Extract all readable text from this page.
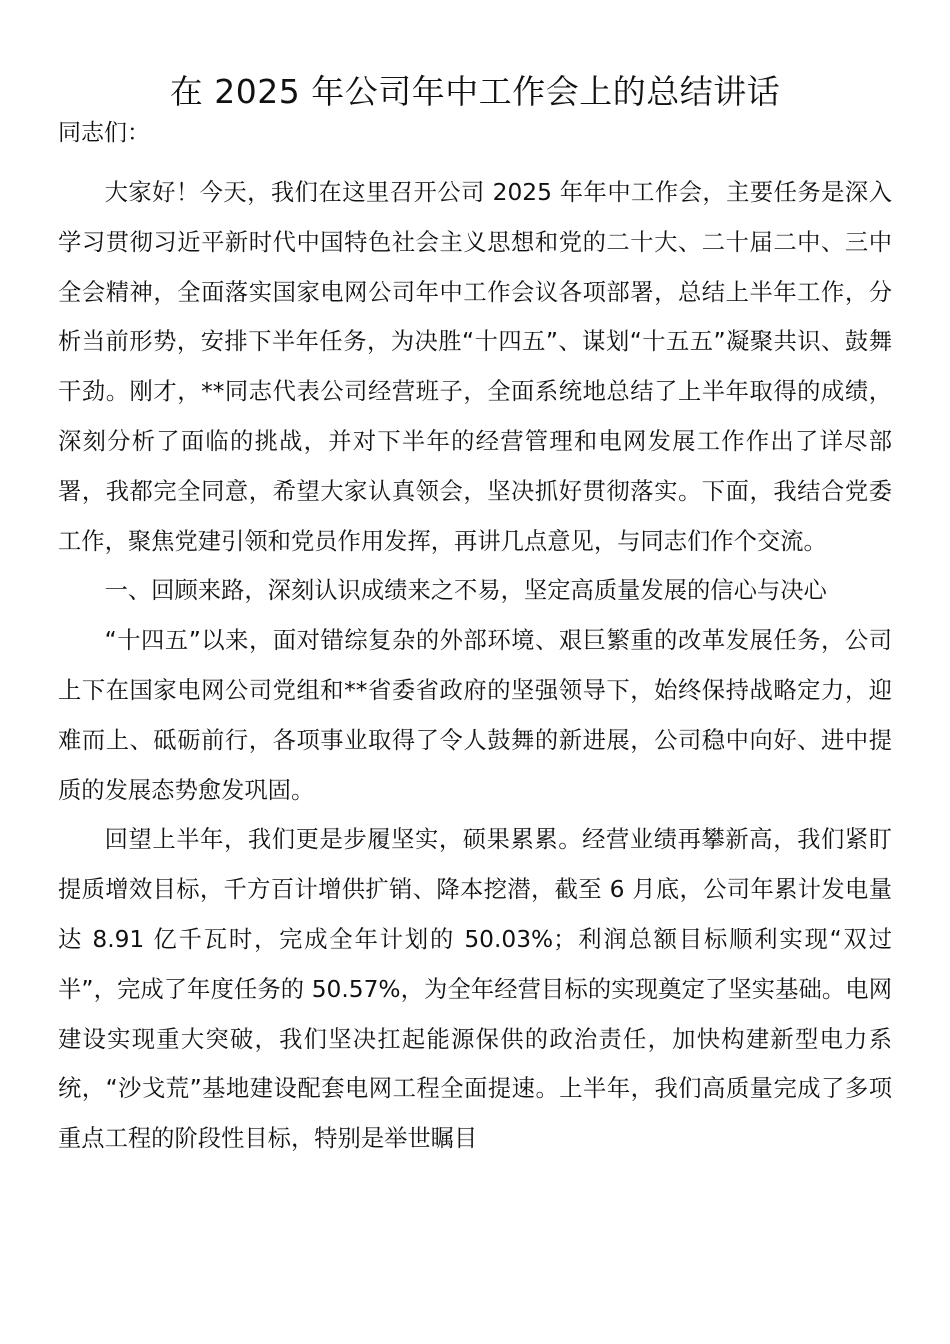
在 2025 年公司年中工作会上的总结讲话

同志们：

大家好！今天，我们在这里召开公司 2025 年年中工作会，主要任务是深入学习贯彻习近平新时代中国特色社会主义思想和党的二十大、二十届二中、三中全会精神，全面落实国家电网公司年中工作会议各项部署，总结上半年工作，分析当前形势，安排下半年任务，为决胜“十四五”、谋划“十五五”凝聚共识、鼓舞干劲。刚才，**同志代表公司经营班子，全面系统地总结了上半年取得的成绩，深刻分析了面临的挑战，并对下半年的经营管理和电网发展工作作出了详尽部署，我都完全同意，希望大家认真领会，坚决抓好贯彻落实。下面，我结合党委工作，聚焦党建引领和党员作用发挥，再讲几点意见，与同志们作个交流。

一、回顾来路，深刻认识成绩来之不易，坚定高质量发展的信心与决心

“十四五”以来，面对错综复杂的外部环境、艰巨繁重的改革发展任务，公司上下在国家电网公司党组和**省委省政府的坚强领导下，始终保持战略定力，迎难而上、砥砺前行，各项事业取得了令人鼓舞的新进展，公司稳中向好、进中提质的发展态势愈发巩固。

回望上半年，我们更是步履坚实，硕果累累。经营业绩再攀新高，我们紧盯提质增效目标，千方百计增供扩销、降本挖潜，截至 6 月底，公司年累计发电量达 8.91 亿千瓦时，完成全年计划的 50.03%；利润总额目标顺利实现“双过半”，完成了年度任务的 50.57%，为全年经营目标的实现奠定了坚实基础。电网建设实现重大突破，我们坚决扛起能源保供的政治责任，加快构建新型电力系统，“沙戈荒”基地建设配套电网工程全面提速。上半年，我们高质量完成了多项重点工程的阶段性目标，特别是举世瞩目
